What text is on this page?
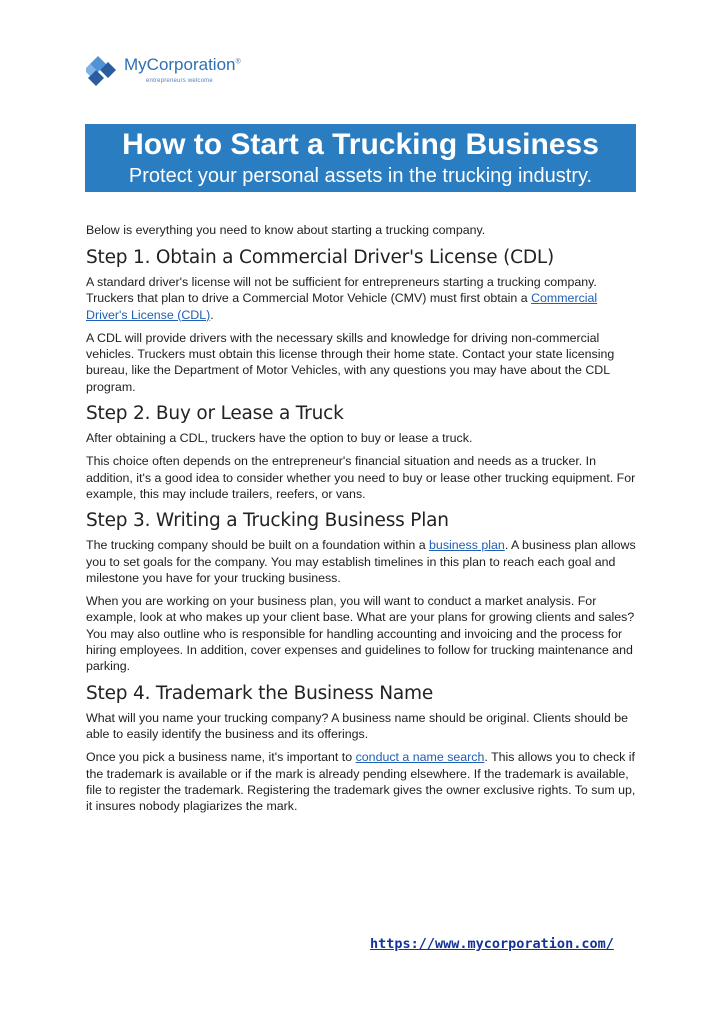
MyCorporation®
entrepreneurs welcome
How to Start a Trucking Business
Protect your personal assets in the trucking industry.

Below is everything you need to know about starting a trucking company.

Step 1. Obtain a Commercial Driver's License (CDL)

A standard driver's license will not be sufficient for entrepreneurs starting a trucking company. Truckers that plan to drive a Commercial Motor Vehicle (CMV) must first obtain a Commercial Driver's License (CDL).

A CDL will provide drivers with the necessary skills and knowledge for driving non-commercial vehicles. Truckers must obtain this license through their home state. Contact your state licensing bureau, like the Department of Motor Vehicles, with any questions you may have about the CDL program.

Step 2. Buy or Lease a Truck

After obtaining a CDL, truckers have the option to buy or lease a truck.

This choice often depends on the entrepreneur's financial situation and needs as a trucker. In addition, it's a good idea to consider whether you need to buy or lease other trucking equipment. For example, this may include trailers, reefers, or vans.

Step 3. Writing a Trucking Business Plan

The trucking company should be built on a foundation within a business plan. A business plan allows you to set goals for the company. You may establish timelines in this plan to reach each goal and milestone you have for your trucking business.

When you are working on your business plan, you will want to conduct a market analysis. For example, look at who makes up your client base. What are your plans for growing clients and sales? You may also outline who is responsible for handling accounting and invoicing and the process for hiring employees. In addition, cover expenses and guidelines to follow for trucking maintenance and parking.

Step 4. Trademark the Business Name

What will you name your trucking company? A business name should be original. Clients should be able to easily identify the business and its offerings.

Once you pick a business name, it's important to conduct a name search. This allows you to check if the trademark is available or if the mark is already pending elsewhere. If the trademark is available, file to register the trademark. Registering the trademark gives the owner exclusive rights. To sum up, it insures nobody plagiarizes the mark.

https://www.mycorporation.com/
